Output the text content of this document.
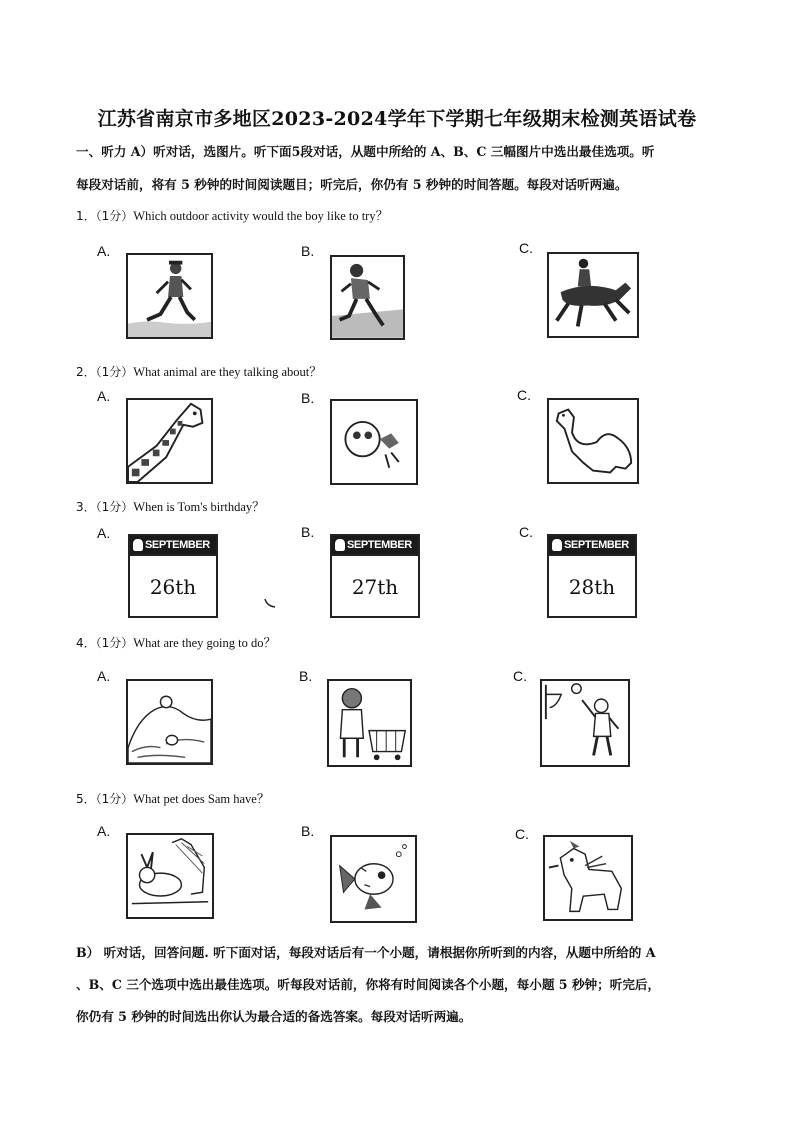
江苏省南京市多地区2023-2024学年下学期七年级期末检测英语试卷
一、听力 A）听对话，选图片。听下面5段对话，从题中所给的 A、B、C 三幅图片中选出最佳选项。听
每段对话前，将有 5 秒钟的时间阅读题目；听完后，你仍有 5 秒钟的时间答题。每段对话听两遍。
1．（1分）Which outdoor activity would the boy like to try？
A.	B.	C.
2．（1分）What animal are they talking about？
A.	B.	C.
3．（1分）When is Tom's birthday？
A.	B.	C.
SEPTEMBER
26th
SEPTEMBER
27th
SEPTEMBER
28th
4．（1分）What are they going to do？
A.	B.	C.
5．（1分）What pet does Sam have？
A.	B.	C.
B） 听对话，回答问题. 听下面对话，每段对话后有一个小题，请根据你所听到的内容，从题中所给的 A
、B、C 三个选项中选出最佳选项。听每段对话前，你将有时间阅读各个小题，每小题 5 秒钟；听完后，
你仍有 5 秒钟的时间选出你认为最合适的备选答案。每段对话听两遍。
